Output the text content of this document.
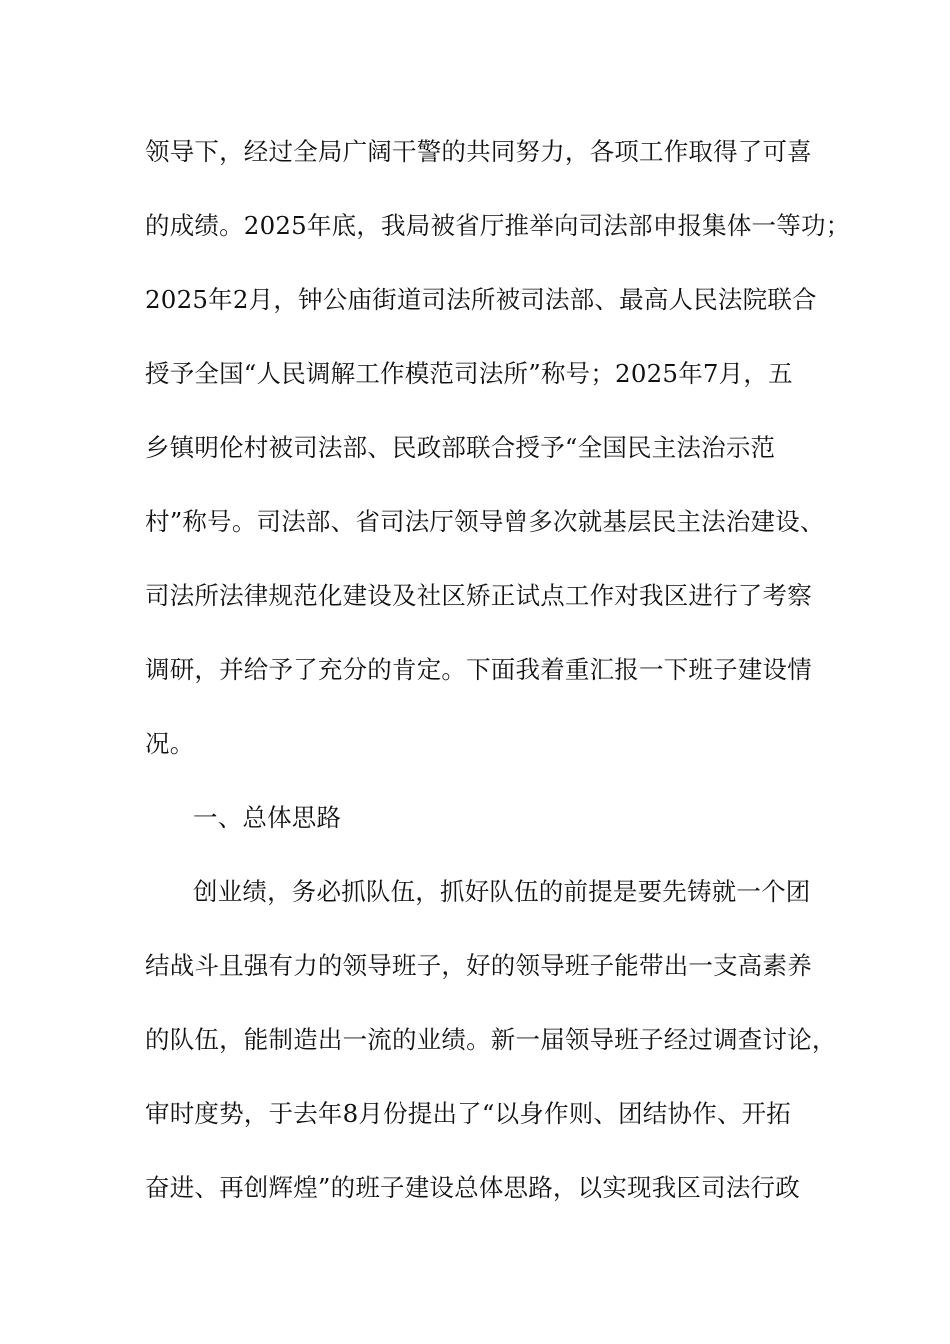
领导下，经过全局广阔干警的共同努力，各项工作取得了可喜
的成绩。2025年底，我局被省厅推举向司法部申报集体一等功；
2025年2月，钟公庙街道司法所被司法部、最高人民法院联合
授予全国“人民调解工作模范司法所”称号；2025年7月，五
乡镇明伦村被司法部、民政部联合授予“全国民主法治示范
村”称号。司法部、省司法厅领导曾多次就基层民主法治建设、
司法所法律规范化建设及社区矫正试点工作对我区进行了考察
调研，并给予了充分的肯定。下面我着重汇报一下班子建设情
况。
一、总体思路
创业绩，务必抓队伍，抓好队伍的前提是要先铸就一个团
结战斗且强有力的领导班子，好的领导班子能带出一支高素养
的队伍，能制造出一流的业绩。新一届领导班子经过调查讨论，
审时度势，于去年8月份提出了“以身作则、团结协作、开拓
奋进、再创辉煌”的班子建设总体思路，以实现我区司法行政
